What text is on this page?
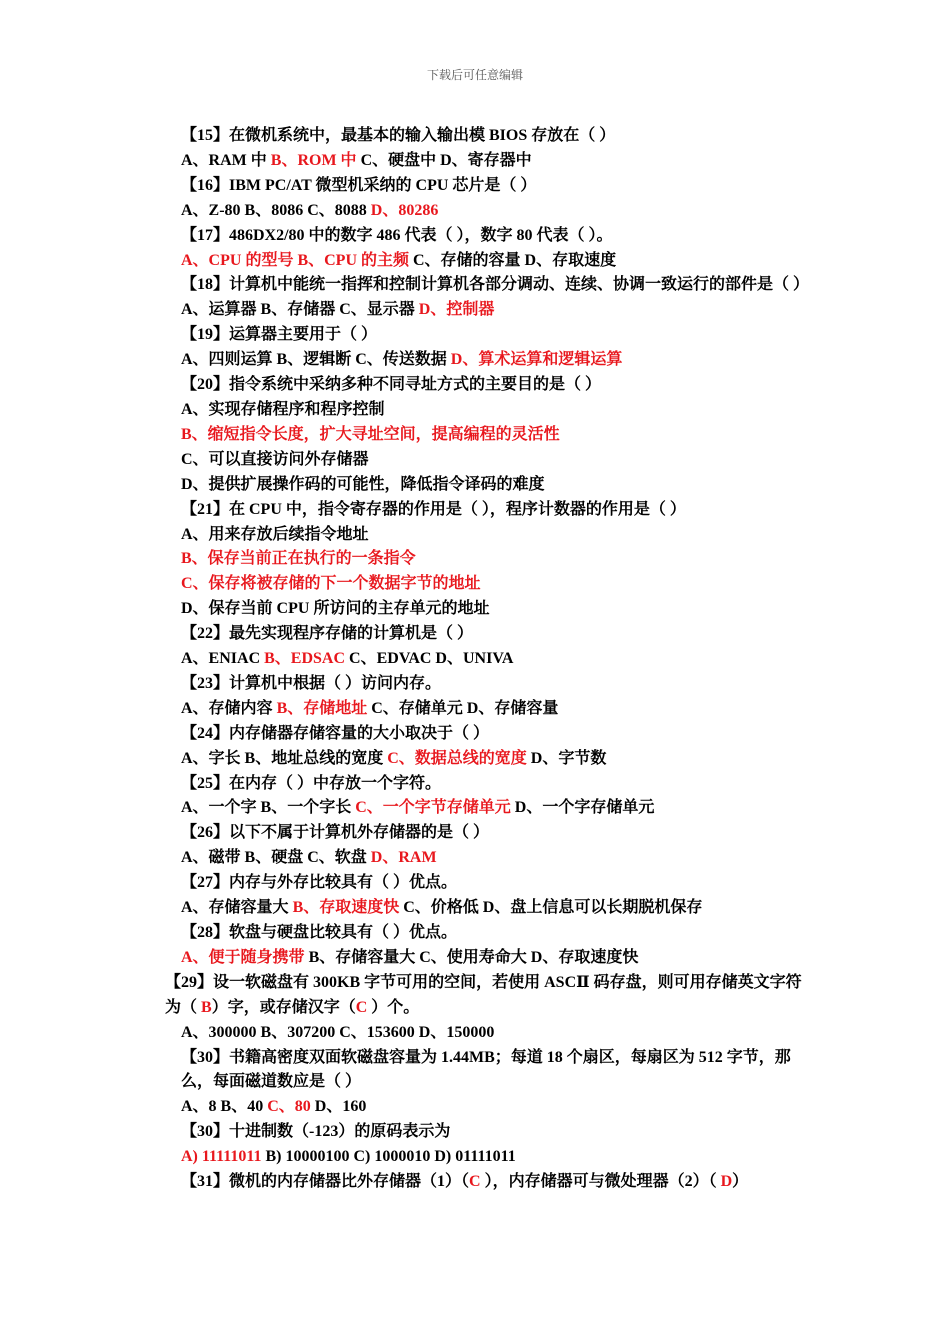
下载后可任意编辑
【15】在微机系统中，最基本的输入输出模 BIOS 存放在（ ）
A、RAM 中 B、ROM 中 C、硬盘中 D、寄存器中
【16】IBM PC/AT 微型机采纳的 CPU 芯片是（ ）
A、Z-80 B、8086 C、8088 D、80286
【17】486DX2/80 中的数字 486 代表（ ），数字 80 代表（ ）。
A、CPU 的型号 B、CPU 的主频 C、存储的容量 D、存取速度
【18】计算机中能统一指挥和控制计算机各部分调动、连续、协调一致运行的部件是（ ）
A、运算器 B、存储器 C、显示器 D、控制器
【19】运算器主要用于（ ）
A、四则运算 B、逻辑断 C、传送数据 D、算术运算和逻辑运算
【20】指令系统中采纳多种不同寻址方式的主要目的是（ ）
A、实现存储程序和程序控制
B、缩短指令长度，扩大寻址空间，提高编程的灵活性
C、可以直接访问外存储器
D、提供扩展操作码的可能性，降低指令译码的难度
【21】在 CPU 中，指令寄存器的作用是（ ），程序计数器的作用是（ ）
A、用来存放后续指令地址
B、保存当前正在执行的一条指令
C、保存将被存储的下一个数据字节的地址
D、保存当前 CPU 所访问的主存单元的地址
【22】最先实现程序存储的计算机是（ ）
A、ENIAC B、EDSAC C、EDVAC D、UNIVA
【23】计算机中根据（ ）访问内存。
A、存储内容 B、存储地址 C、存储单元 D、存储容量
【24】内存储器存储容量的大小取决于（ ）
A、字长 B、地址总线的宽度 C、数据总线的宽度 D、字节数
【25】在内存（ ）中存放一个字符。
A、一个字 B、一个字长 C、一个字节存储单元 D、一个字存储单元
【26】以下不属于计算机外存储器的是（ ）
A、磁带 B、硬盘 C、软盘 D、RAM
【27】内存与外存比较具有（ ）优点。
A、存储容量大 B、存取速度快 C、价格低 D、盘上信息可以长期脱机保存
【28】软盘与硬盘比较具有（ ）优点。
A、便于随身携带 B、存储容量大 C、使用寿命大 D、存取速度快
【29】设一软磁盘有 300KB 字节可用的空间，若使用 ASCⅡ 码存盘，则可用存储英文字符为（ B）字，或存储汉字（C ）个。
A、300000 B、307200 C、153600 D、150000
【30】书籍高密度双面软磁盘容量为 1.44MB；每道 18 个扇区，每扇区为 512 字节，那么，每面磁道数应是（ ）
A、8 B、40 C、80 D、160
【30】十进制数（-123）的原码表示为
A) 11111011 B) 10000100 C) 1000010 D) 01111011
【31】微机的内存储器比外存储器（1）（C ），内存储器可与微处理器（2）（ D）
